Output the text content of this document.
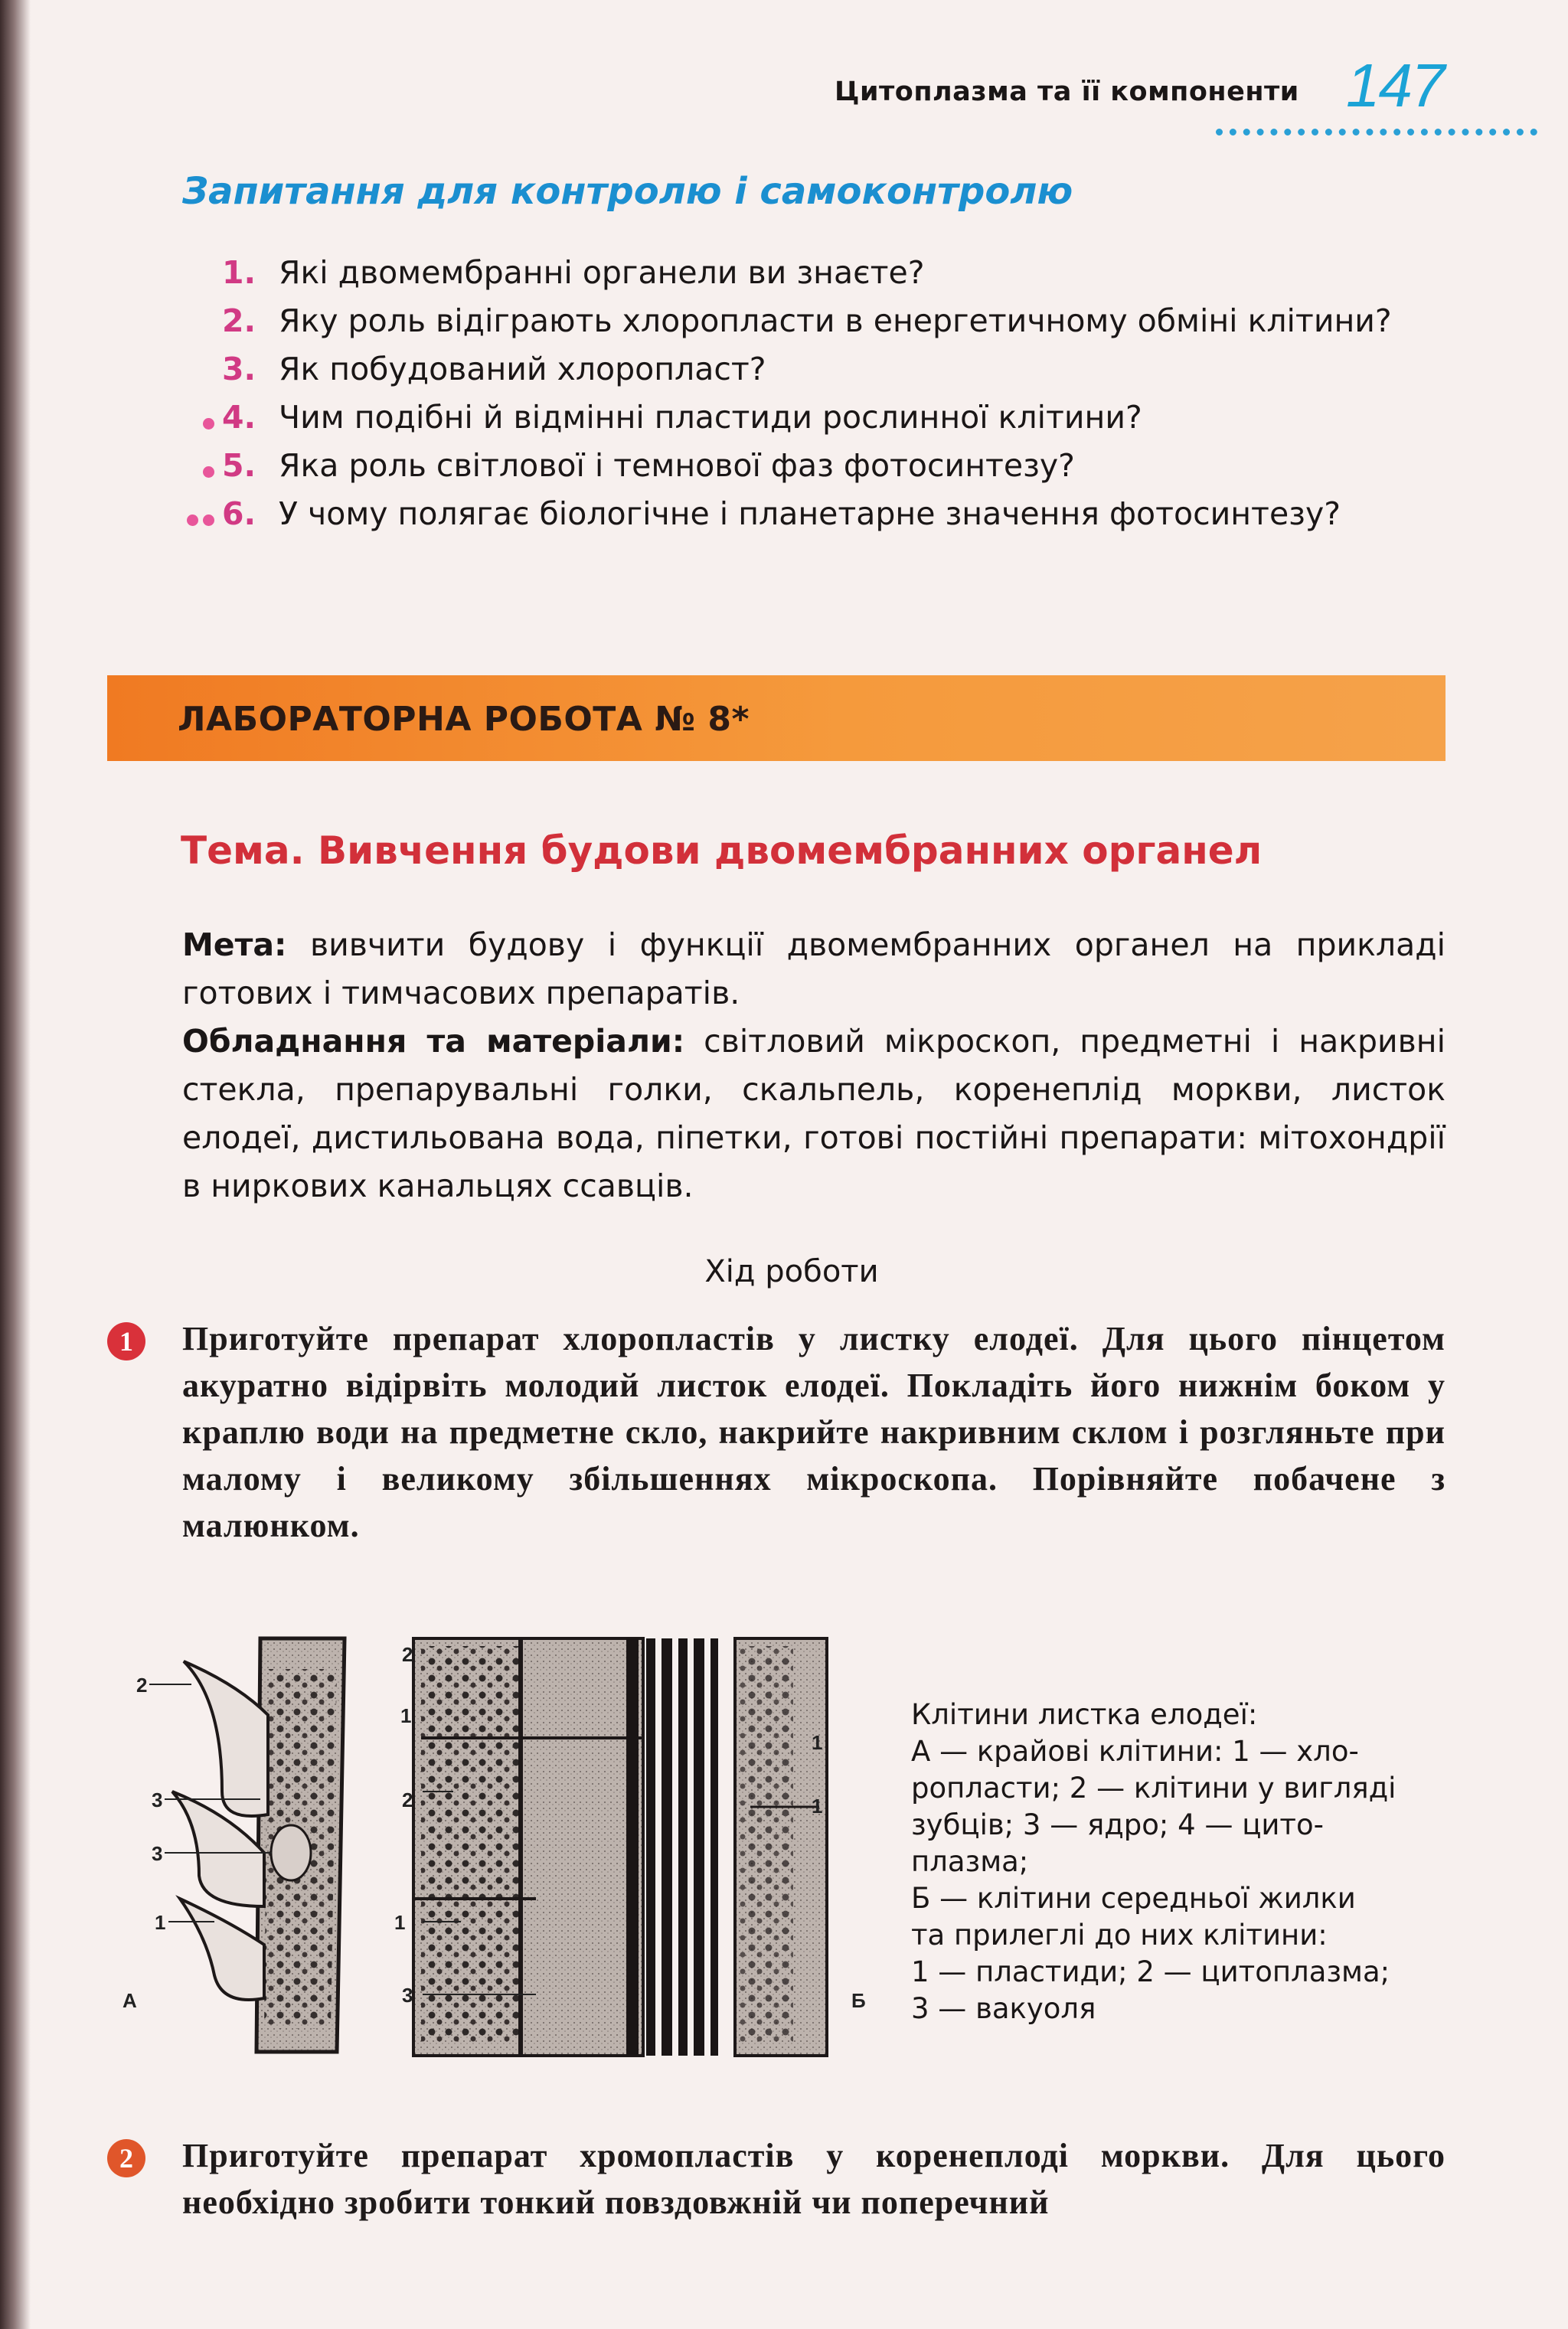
Цитоплазма та її компоненти 147
Запитання для контролю і самоконтролю
1. Які двомембранні органели ви знаєте?
2. Яку роль відіграють хлоропласти в енергетичному обміні клітини?
3. Як побудований хлоропласт?
4. Чим подібні й відмінні пластиди рослинної клітини?
5. Яка роль світлової і темнової фаз фотосинтезу?
6. У чому полягає біологічне і планетарне значення фотосинтезу?
ЛАБОРАТОРНА РОБОТА № 8*
Тема. Вивчення будови двомембранних органел

Мета: вивчити будову і функції двомембранних органел на прикладі готових і тимчасових препаратів.

Обладнання та матеріали: світловий мікроскоп, предметні і накривні стекла, препарувальні голки, скальпель, коренеплід моркви, листок елодеї, дистильована вода, піпетки, готові постійні препарати: мітохондрії в ниркових канальцях ссавців.

Хід роботи
1	Приготуйте препарат хлоропластів у листку елодеї. Для цього пінцетом акуратно відірвіть молодий листок елодеї. Покладіть його нижнім боком у краплю води на предметне скло, накрийте накривним склом і розгляньте при малому і великому збільшеннях мікроскопа. Порівняйте побачене з малюнком.

2
3
3
1
А
2
1
2
1
3
1
1
Б
Клітини листка елодеї:
А — крайові клітини: 1 — хло-
ропласти; 2 — клітини у вигляді
зубців; 3 — ядро; 4 — цито-
плазма;
Б — клітини середньої жилки
та прилеглі до них клітини:
1 — пластиди; 2 — цитоплазма;
3 — вакуоля
2	Приготуйте препарат хромопластів у коренеплоді моркви. Для цього необхідно зробити тонкий повздовжній чи поперечний
